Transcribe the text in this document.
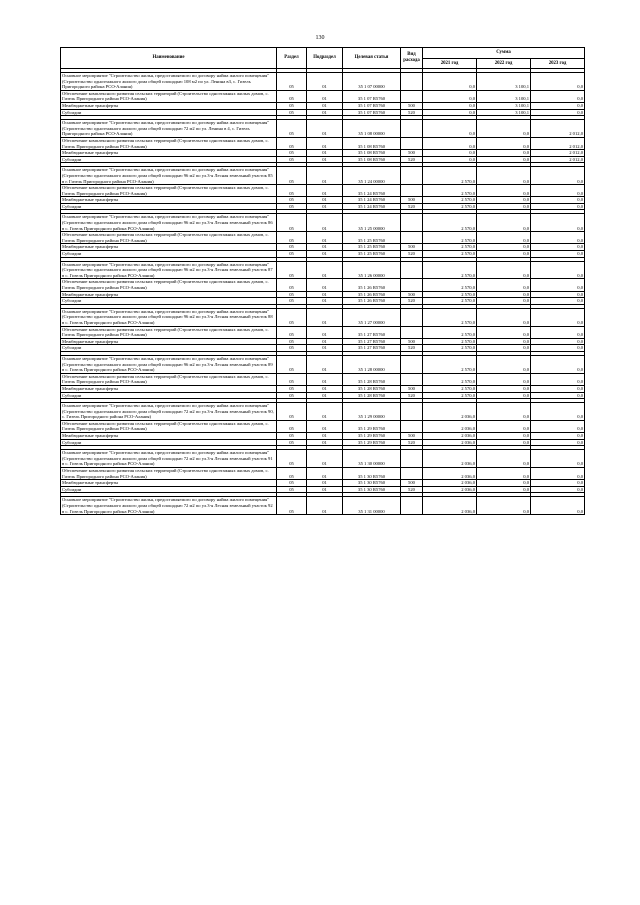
130
Наименование	Раздел	Подраздел	Целевая статья	Вид расхода	Сумма		
					2021 год	2022 год	2023 год

Основное мероприятие "Строительство жилья, предоставляемого по договору найма жилого помещения" (Строительство одноэтажного жилого дома общей площадью 108 м2 по ул. Ленина в3, с. Гизель Пригородного района РСО-Алания)	05	01	35 1 07 00000		0,0	3 100,1	0,0
Обеспечение комплексного развития сельских территорий (Строительство одноэтажных жилых домов, с. Гизель Пригородного района РСО-Алания)	05	01	35 1 07 R5760		0,0	3 100,1	0,0
Межбюджетные трансферты	05	01	35 1 07 R5760	500	0,0	3 100,1	0,0
Субсидии	05	01	35 1 07 R5760	520	0,0	3 100,1	0,0

Основное мероприятие "Строительство жилья, предоставляемого по договору найма жилого помещения" (Строительство одноэтажного жилого дома общей площадью 72 м2 по ул. Ленина в 4, с. Гизель Пригородного района РСО-Алания)	05	01	35 1 08 00000		0,0	0,0	2 012,0
Обеспечение комплексного развития сельских территорий (Строительство одноэтажных жилых домов, с. Гизель Пригородного района РСО-Алания)	05	01	35 1 08 R5760		0,0	0,0	2 012,0
Межбюджетные трансферты	05	01	35 1 08 R5760	500	0,0	0,0	2 012,0
Субсидии	05	01	35 1 08 R5760	520	0,0	0,0	2 012,0

Основное мероприятие "Строительство жилья, предоставляемого по договору найма жилого помещения" (Строительство одноэтажного жилого дома общей площадью 96 м2 по ул.3-я Лесная земельный участок 85 в г. Гизель Пригородного района РСО-Алания)	05	01	35 1 24 00000		2 570,0	0,0	0,0
Обеспечение комплексного развития сельских территорий (Строительство одноэтажных жилых домов, с. Гизель Пригородного района РСО-Алания)	05	01	35 1 24 R5760		2 570,0	0,0	0,0
Межбюджетные трансферты	05	01	35 1 24 R5760	500	2 570,0	0,0	0,0
Субсидии	05	01	35 1 24 R5760	520	2 570,0	0,0	0,0

Основное мероприятие "Строительство жилья, предоставляемого по договору найма жилого помещения" (Строительство одноэтажного жилого дома общей площадью 96 м2 по ул.3-я Лесная земельный участок 86 в с. Гизель Пригородного района РСО-Алания)	05	01	35 1 25 00000		2 570,0	0,0	0,0
Обеспечение комплексного развития сельских территорий (Строительство одноэтажных жилых домов, с. Гизель Пригородного района РСО-Алания)	05	01	35 1 25 R5760		2 570,0	0,0	0,0
Межбюджетные трансферты	05	01	35 1 25 R5760	500	2 570,0	0,0	0,0
Субсидии	05	01	35 1 25 R5760	520	2 570,0	0,0	0,0

Основное мероприятие "Строительство жилья, предоставляемого по договору найма жилого помещения" (Строительство одноэтажного жилого дома общей площадью 96 м2 по ул.3-я Лесная земельный участок 87 в с. Гизель Пригородного района РСО-Алания)	05	01	35 1 26 00000		2 570,0	0,0	0,0
Обеспечение комплексного развития сельских территорий (Строительство одноэтажных жилых домов, с. Гизель Пригородного района РСО-Алания)	05	01	35 1 26 R5760		2 570,0	0,0	0,0
Межбюджетные трансферты	05	01	35 1 26 R5760	500	2 570,0	0,0	0,0
Субсидии	05	01	35 1 26 R5760	520	2 570,0	0,0	0,0

Основное мероприятие "Строительство жилья, предоставляемого по договору найма жилого помещения" (Строительство одноэтажного жилого дома общей площадью 96 м2 по ул.3-я Лесная земельный участок 88 в с. Гизель Пригородного района РСО-Алания)	05	01	35 1 27 00000		2 570,0	0,0	0,0
Обеспечение комплексного развития сельских территорий (Строительство одноэтажных жилых домов, с. Гизель Пригородного района РСО-Алания)	05	01	35 1 27 R5760		2 570,0	0,0	0,0
Межбюджетные трансферты	05	01	35 1 27 R5760	500	2 570,0	0,0	0,0
Субсидии	05	01	35 1 27 R5760	520	2 570,0	0,0	0,0

Основное мероприятие "Строительство жилья, предоставляемого по договору найма жилого помещения" (Строительство одноэтажного жилого дома общей площадью 96 м2 по ул.3-я Лесная земельный участок 89 в с. Гизель Пригородного района РСО-Алания)	05	01	35 1 28 00000		2 570,0	0,0	0,0
Обеспечение комплексного развития сельских территорий (Строительство одноэтажных жилых домов, с. Гизель Пригородного района РСО-Алания)	05	01	35 1 28 R5760		2 570,0	0,0	0,0
Межбюджетные трансферты	05	01	35 1 28 R5760	500	2 570,0	0,0	0,0
Субсидии	05	01	35 1 28 R5760	520	2 570,0	0,0	0,0

Основное мероприятие "Строительство жилья, предоставляемого по договору найма жилого помещения" (Строительство одноэтажного жилого дома общей площадью 72 м2 по ул.3-я Лесная земельный участок 90, с. Гизель Пригородного района РСО-Алания)	05	01	35 1 29 00000		2 036,0	0,0	0,0
Обеспечение комплексного развития сельских территорий (Строительство одноэтажных жилых домов, с. Гизель Пригородного района РСО-Алания)	05	01	35 1 29 R5760		2 036,0	0,0	0,0
Межбюджетные трансферты	05	01	35 1 29 R5760	500	2 036,0	0,0	0,0
Субсидии	05	01	35 1 29 R5760	520	2 036,0	0,0	0,0

Основное мероприятие "Строительство жилья, предоставляемого по договору найма жилого помещения" (Строительство одноэтажного жилого дома общей площадью 72 м2 по ул.3-я Лесная земельный участок 91 в с. Гизель Пригородного района РСО-Алания)	05	01	35 1 30 00000		2 036,0	0,0	0,0
Обеспечение комплексного развития сельских территорий (Строительство одноэтажных жилых домов, с. Гизель Пригородного района РСО-Алания)	05	01	35 1 30 R5760		2 036,0	0,0	0,0
Межбюджетные трансферты	05	01	35 1 30 R5760	500	2 036,0	0,0	0,0
Субсидии	05	01	35 1 30 R5760	520	2 036,0	0,0	0,0

Основное мероприятие "Строительство жилья, предоставляемого по договору найма жилого помещения" (Строительство одноэтажного жилого дома общей площадью 72 м2 по ул.3-я Лесная земельный участок 92 в с. Гизель Пригородного района РСО-Алания)	05	01	35 1 31 00000		2 036,0	0,0	0,0
